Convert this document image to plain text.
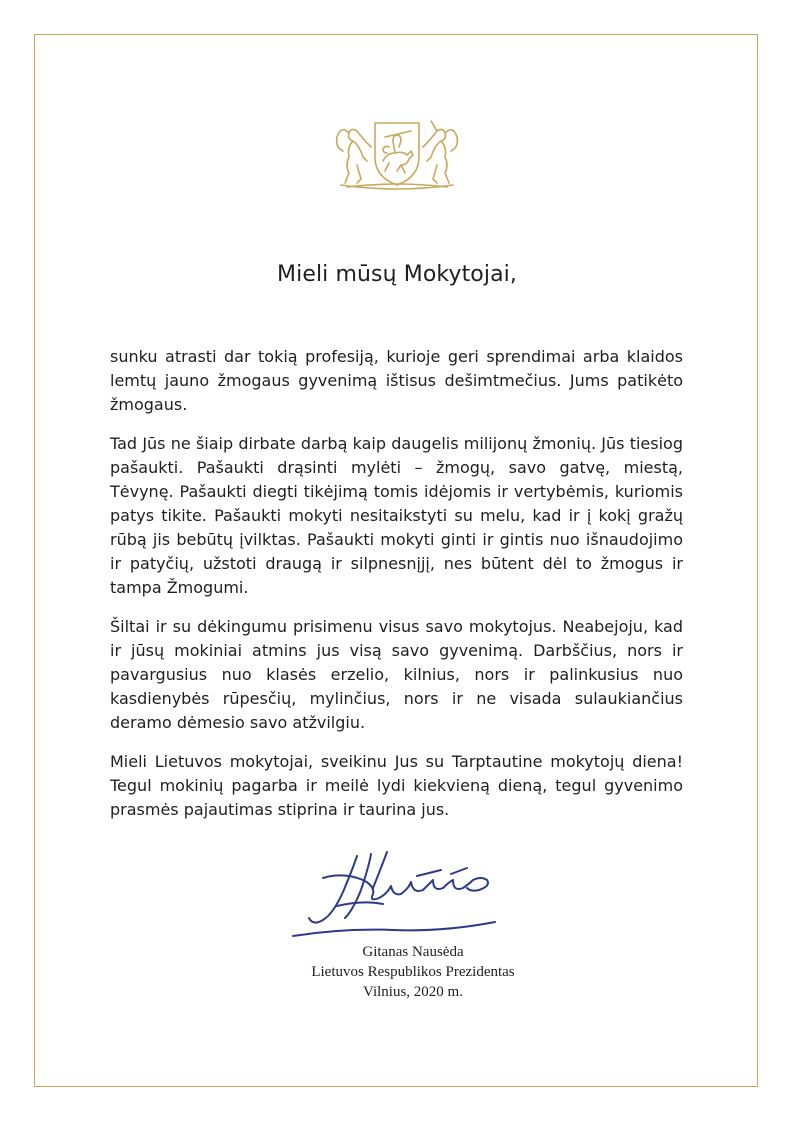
Mieli mūsų Mokytojai,

sunku atrasti dar tokią profesiją, kurioje geri sprendimai arba klaidos lemtų jauno žmogaus gyvenimą ištisus dešimtmečius. Jums patikėto žmogaus.

Tad Jūs ne šiaip dirbate darbą kaip daugelis milijonų žmonių. Jūs tiesiog pašaukti. Pašaukti drąsinti mylėti – žmogų, savo gatvę, miestą, Tėvynę. Pašaukti diegti tikėjimą tomis idėjomis ir vertybėmis, kuriomis patys tikite. Pašaukti mokyti nesitaikstyti su melu, kad ir į kokį gražų rūbą jis bebūtų įvilktas. Pašaukti mokyti ginti ir gintis nuo išnaudojimo ir patyčių, užstoti draugą ir silpnesnįjį, nes būtent dėl to žmogus ir tampa Žmogumi.

Šiltai ir su dėkingumu prisimenu visus savo mokytojus. Neabejoju, kad ir jūsų mokiniai atmins jus visą savo gyvenimą. Darbščius, nors ir pavargusius nuo klasės erzelio, kilnius, nors ir palinkusius nuo kasdienybės rūpesčių, mylinčius, nors ir ne visada sulaukiančius deramo dėmesio savo atžvilgiu.

Mieli Lietuvos mokytojai, sveikinu Jus su Tarptautine mokytojų diena! Tegul mokinių pagarba ir meilė lydi kiekvieną dieną, tegul gyvenimo prasmės pajautimas stiprina ir taurina jus.

Gitanas Nausėda
Lietuvos Respublikos Prezidentas
Vilnius, 2020 m.
